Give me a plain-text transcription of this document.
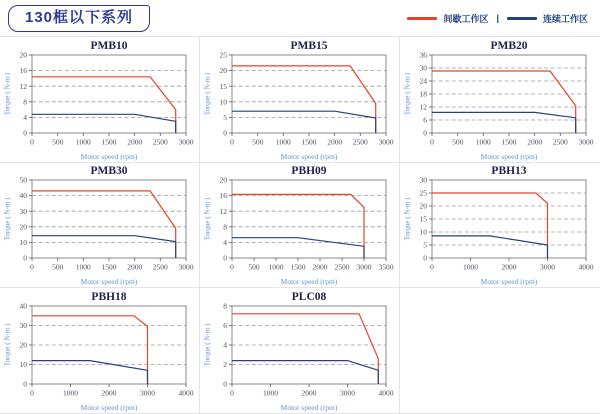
130框以下系列	间歇工作区 |	连续工作区
PMB10
0 500 1000 1500 2000 2500 3000
0
4
8
12
16
20
Motor speed (rpm)
Torque ( N-m )
PMB15
0 500 1000 1500 2000 2500 3000
0
5
10
15
20
25
Motor speed (rpm)
Torque ( N-m )
PMB20
0 500 1000 1500 2000 2500 3000
0
6
12
18
24
30
36
Motor speed (rpm)
Torque ( N-m )
PMB30
0 500 1000 1500 2000 2500 3000
0
10
20
30
40
50
Motor speed (rpm)
Torque ( N-m )
PBH09
0 500 1000 1500 2000 2500 3000 3500
0
4
8
12
16
20
Motor speed (rpm)
Torque ( N-m )
PBH13
0	1000	2000	3000	4000
0
5
10
15
20
25
30
Motor speed (rpm)
Torque ( N-m )
PBH18
0	1000	2000	3000	4000
0
10
20
30
40
Motor speed (rpm)
Torque ( N-m )
PLC08
0	1000	2000	3000	4000
0
2
4
6
8
Motor speed (rpm)
Torque ( N-m )
